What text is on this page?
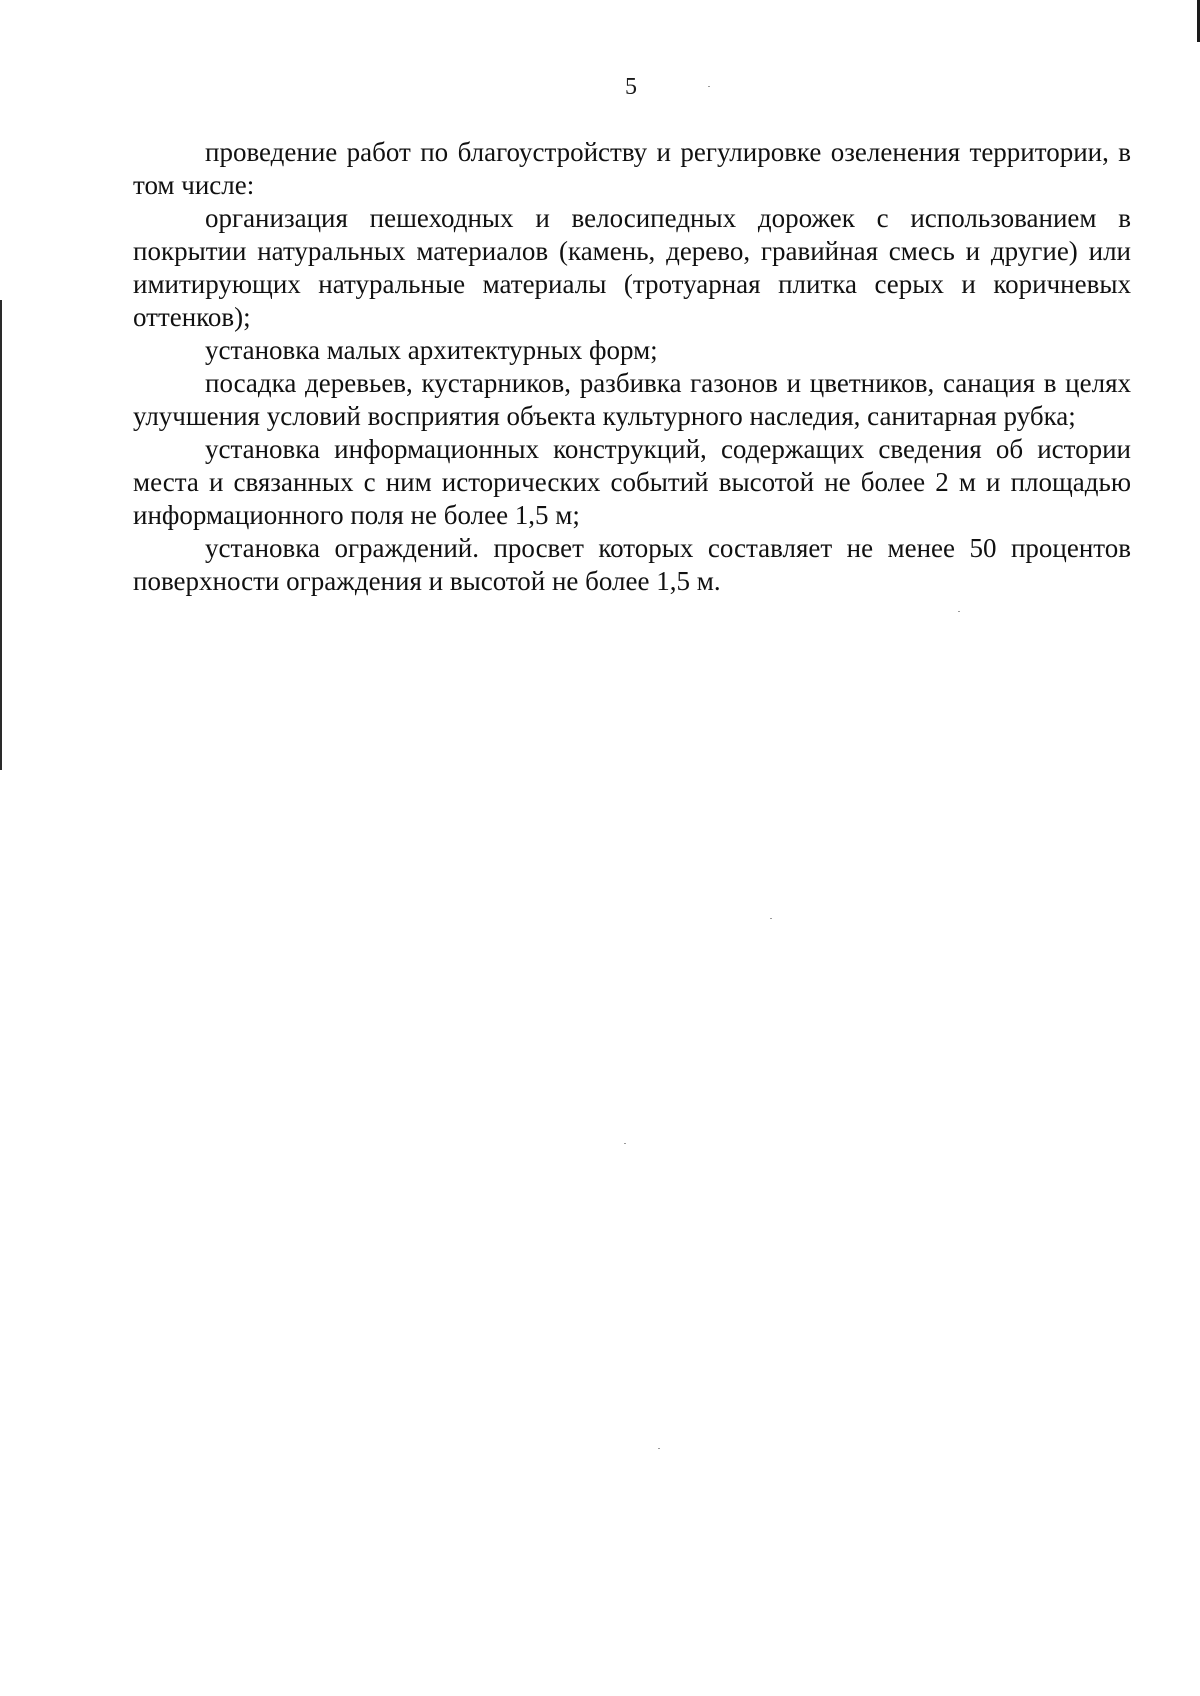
5

проведение работ по благоустройству и регулировке озеленения территории, в том числе:

организация пешеходных и велосипедных дорожек с использованием в покрытии натуральных материалов (камень, дерево, гравийная смесь и другие) или имитирующих натуральные материалы (тротуарная плитка серых и коричневых оттенков);

установка малых архитектурных форм;

посадка деревьев, кустарников, разбивка газонов и цветников, санация в целях улучшения условий восприятия объекта культурного наследия, санитарная рубка;

установка информационных конструкций, содержащих сведения об истории места и связанных с ним исторических событий высотой не более 2 м и площадью информационного поля не более 1,5 м;

установка ограждений. просвет которых составляет не менее 50 процентов поверхности ограждения и высотой не более 1,5 м.
